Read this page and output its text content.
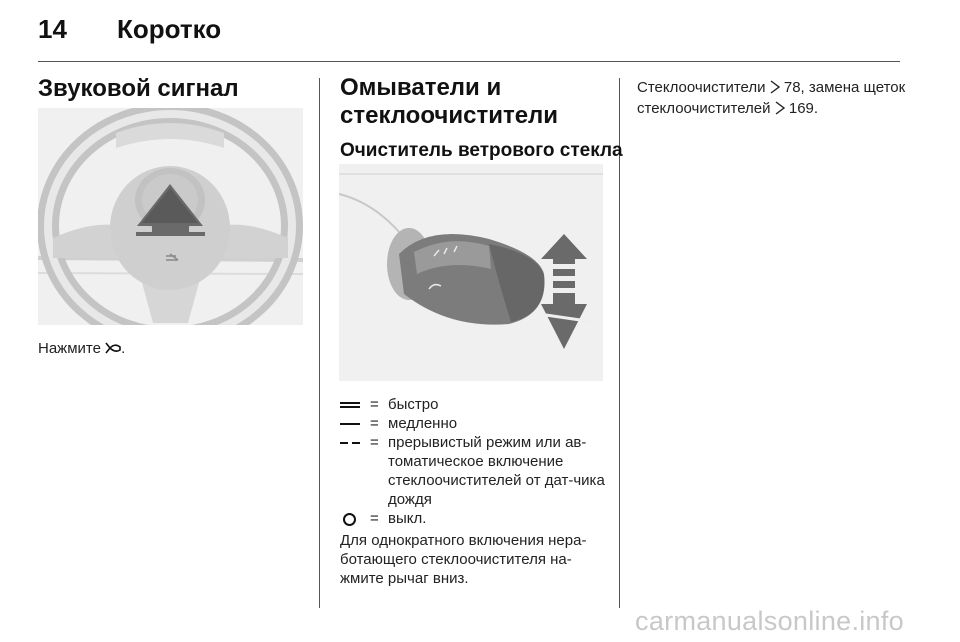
14 Коротко
Звуковой сигнал
Нажмите .
Омыватели и стеклоочистители
Очиститель ветрового стекла
= быстро
= медленно
= прерывистый режим или ав-томатическое включение стеклоочистителей от дат-чика дождя
= выкл.
Для однократного включения нера-ботающего стеклоочистителя на-жмите рычаг вниз.
Стеклоочистители 78, замена щеток стеклоочистителей 169.
carmanualsonline.info
